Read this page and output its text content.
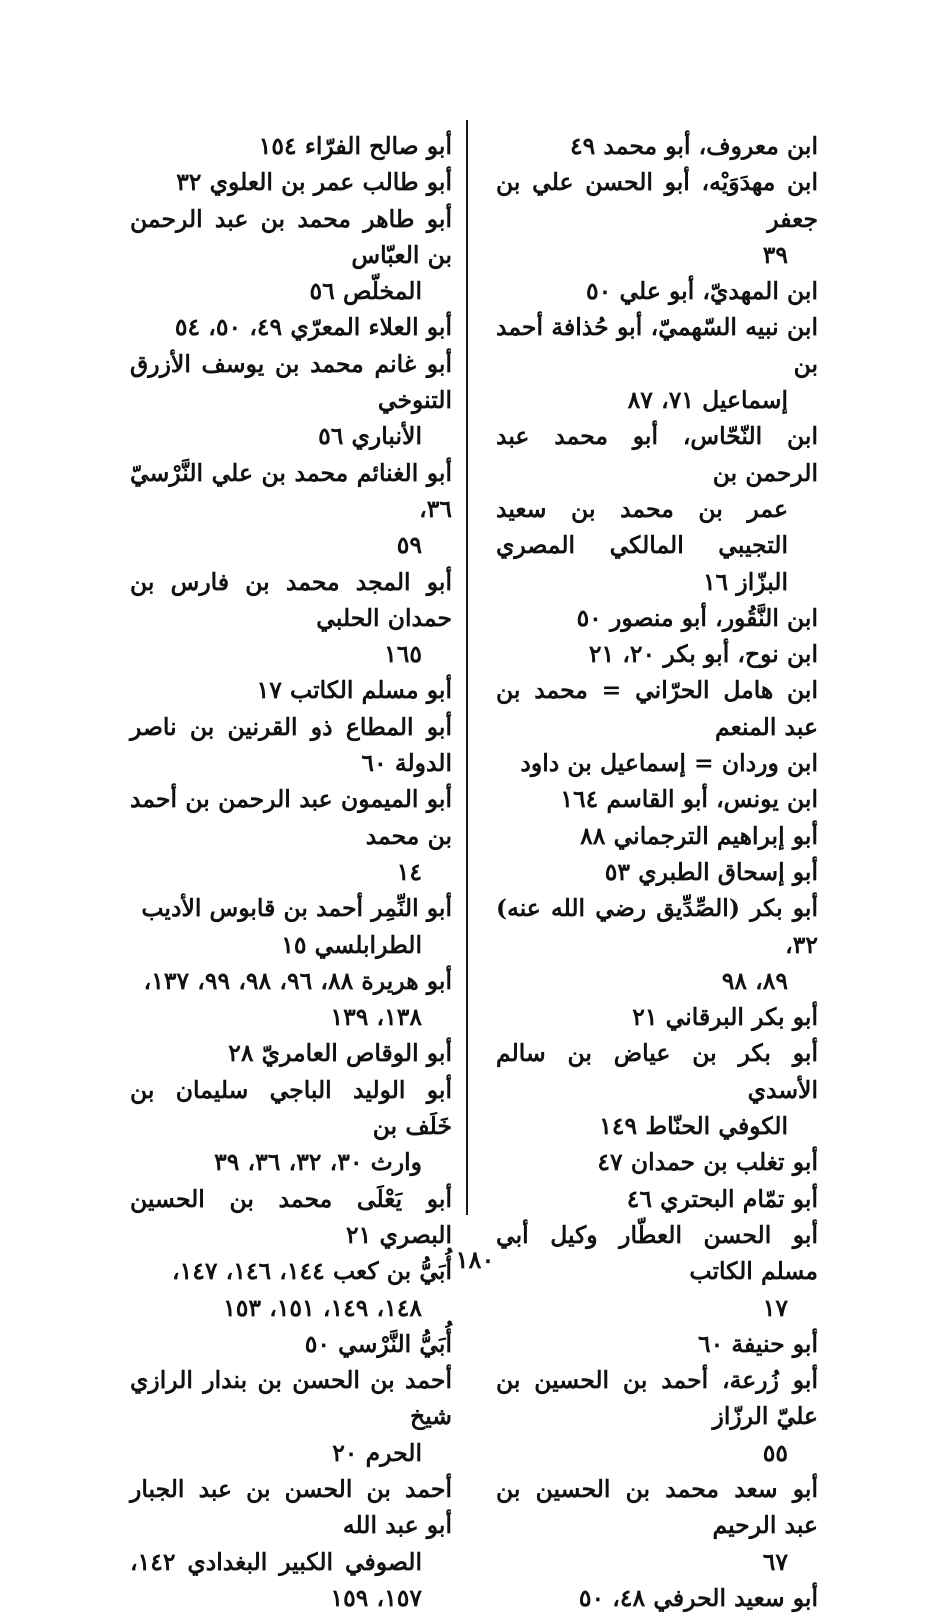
ابن معروف، أبو محمد ٤٩

ابن مهدَوَيْه، أبو الحسن علي بن جعفر
٣٩

ابن المهديّ، أبو علي ٥٠

ابن نبيه السّهميّ، أبو حُذافة أحمد بن
إسماعيل ٧١، ٨٧

ابن النّحّاس، أبو محمد عبد الرحمن بن
عمر بن محمد بن سعيد التجيبي المالكي المصري البزّاز ١٦

ابن النَّقُور، أبو منصور ٥٠

ابن نوح، أبو بكر ٢٠، ٢١

ابن هامل الحرّاني = محمد بن عبد المنعم

ابن وردان = إسماعيل بن داود

ابن يونس، أبو القاسم ١٦٤

أبو إبراهيم الترجماني ٨٨

أبو إسحاق الطبري ٥٣

أبو بكر (الصِّدِّيق رضي الله عنه) ٣٢،
٨٩، ٩٨

أبو بكر البرقاني ٢١

أبو بكر بن عياض بن سالم الأسدي
الكوفي الحنّاط ١٤٩

أبو تغلب بن حمدان ٤٧

أبو تمّام البحتري ٤٦

أبو الحسن العطّار وكيل أبي مسلم الكاتب
١٧

أبو حنيفة ٦٠

أبو زُرعة، أحمد بن الحسين بن عليّ الرزّاز
٥٥

أبو سعد محمد بن الحسين بن عبد الرحيم
٦٧

أبو سعيد الحرفي ٤٨، ٥٠

أبو صالح الفرّاء ١٥٤

أبو طالب عمر بن العلوي ٣٢

أبو طاهر محمد بن عبد الرحمن بن العبّاس
المخلّص ٥٦

أبو العلاء المعرّي ٤٩، ٥٠، ٥٤

أبو غانم محمد بن يوسف الأزرق التنوخي
الأنباري ٥٦

أبو الغنائم محمد بن علي النَّرْسيّ ٣٦،
٥٩

أبو المجد محمد بن فارس بن حمدان الحلبي
١٦٥

أبو مسلم الكاتب ١٧

أبو المطاع ذو القرنين بن ناصر الدولة ٦٠

أبو الميمون عبد الرحمن بن أحمد بن محمد
١٤

أبو النِّمِر أحمد بن قابوس الأديب
الطرابلسي ١٥

أبو هريرة ٨٨، ٩٦، ٩٨، ٩٩، ١٣٧،
١٣٨، ١٣٩

أبو الوقاص العامريّ ٢٨

أبو الوليد الباجي سليمان بن خَلَف بن
وارث ٣٠، ٣٢، ٣٦، ٣٩

أبو يَعْلَى محمد بن الحسين البصري ٢١

أُبَيُّ بن كعب ١٤٤، ١٤٦، ١٤٧،
١٤٨، ١٤٩، ١٥١، ١٥٣

أُبَيُّ النَّرْسي ٥٠

أحمد بن الحسن بن بندار الرازي شيخ
الحرم ٢٠

أحمد بن الحسن بن عبد الجبار أبو عبد الله
الصوفي الكبير البغدادي ١٤٢، ١٥٧، ١٥٩

١٨٠
